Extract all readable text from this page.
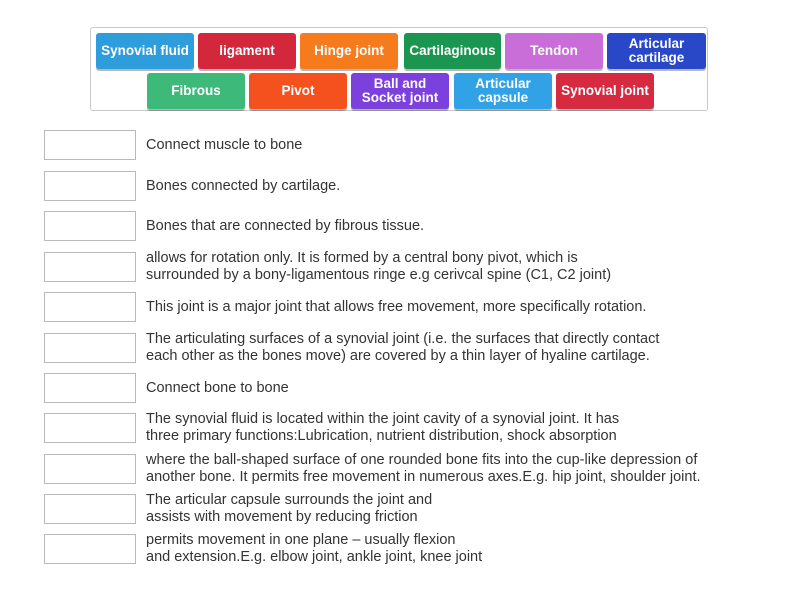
Synovial fluid	ligament	Hinge joint	Cartilaginous	Tendon	Articular
cartilage
Fibrous	Pivot	Ball and
Socket joint
Articular
capsule	Synovial joint
Connect muscle to bone
Bones connected by cartilage.
Bones that are connected by fibrous tissue.
allows for rotation only. It is formed by a central bony pivot, which is
surrounded by a bony-ligamentous ringe e.g cerivcal spine (C1, C2 joint)
This joint is a major joint that allows free movement, more specifically rotation.
The articulating surfaces of a synovial joint (i.e. the surfaces that directly contact
each other as the bones move) are covered by a thin layer of hyaline cartilage.
Connect bone to bone
The synovial fluid is located within the joint cavity of a synovial joint. It has
three primary functions:Lubrication, nutrient distribution, shock absorption
where the ball-shaped surface of one rounded bone fits into the cup-like depression of
another bone. It permits free movement in numerous axes.E.g. hip joint, shoulder joint.
The articular capsule surrounds the joint and
assists with movement by reducing friction
permits movement in one plane – usually flexion
and extension.E.g. elbow joint, ankle joint, knee joint
